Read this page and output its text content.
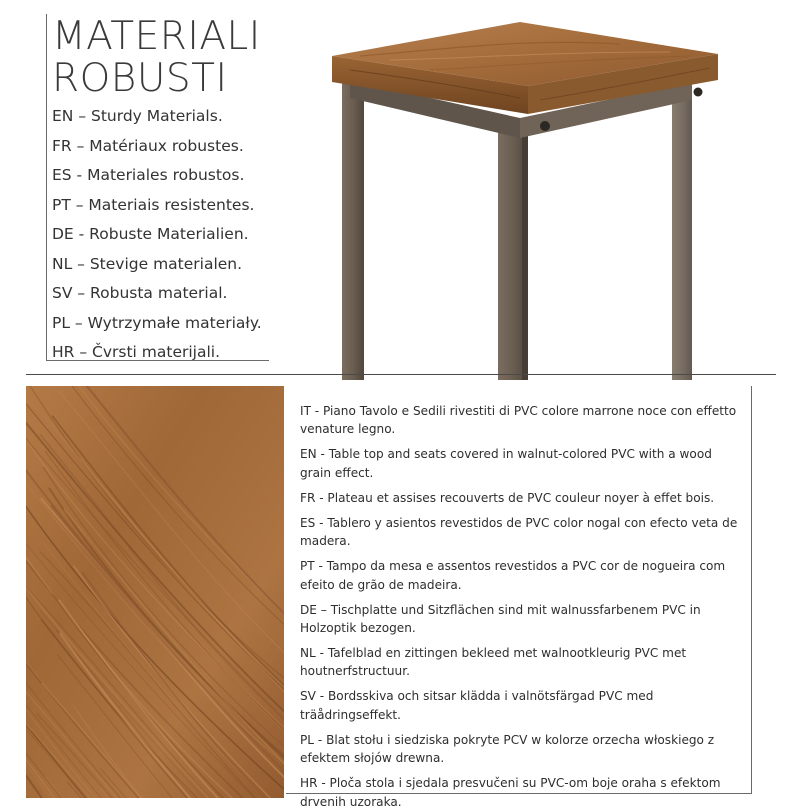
MATERIALI
ROBUSTI
EN – Sturdy Materials.
FR – Matériaux robustes.
ES - Materiales robustos.
PT – Materiais resistentes.
DE - Robuste Materialien.
NL – Stevige materialen.
SV – Robusta material.
PL – Wytrzymałe materiały.
HR – Čvrsti materijali.

IT - Piano Tavolo e Sedili rivestiti di PVC colore marrone noce con effetto venature legno.

EN - Table top and seats covered in walnut-colored PVC with a wood grain effect.

FR - Plateau et assises recouverts de PVC couleur noyer à effet bois.

ES - Tablero y asientos revestidos de PVC color nogal con efecto veta de madera.

PT - Tampo da mesa e assentos revestidos a PVC cor de nogueira com efeito de grão de madeira.

DE – Tischplatte und Sitzflächen sind mit walnussfarbenem PVC in Holzoptik bezogen.

NL - Tafelblad en zittingen bekleed met walnootkleurig PVC met houtnerfstructuur.

SV - Bordsskiva och sitsar klädda i valnötsfärgad PVC med träådringseffekt.

PL - Blat stołu i siedziska pokryte PCV w kolorze orzecha włoskiego z efektem słojów drewna.

HR - Ploča stola i sjedala presvučeni su PVC-om boje oraha s efektom drvenih uzoraka.
